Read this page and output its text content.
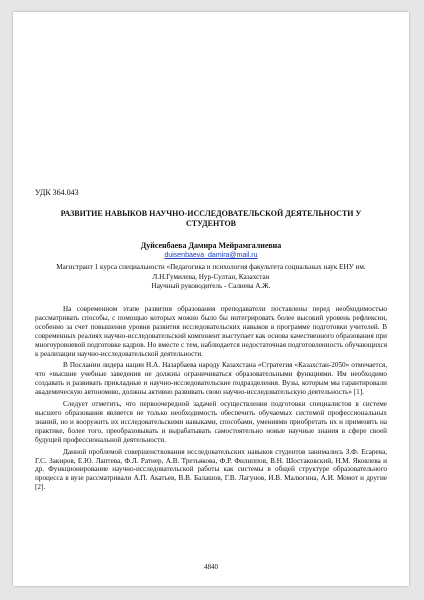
УДК 364.043
РАЗВИТИЕ НАВЫКОВ НАУЧНО-ИССЛЕДОВАТЕЛЬСКОЙ ДЕЯТЕЛЬНОСТИ У СТУДЕНТОВ
Дуйсенбаева Дамира Мейрамгалиевна
duisenbaeva_damira@mail.ru
Магистрант 1 курса специальности «Педагогика и психология факультета социальных наук ЕНУ им. Л.Н.Гумилева, Нур-Султан, Казахстан
Научный руководитель - Салиева А.Ж.

На современном этапе развития образования преподаватели поставлены перед необходимостью рассматривать способы, с помощью которых можно было бы интегрировать более высокий уровень рефлексии, особенно за счет повышения уровня развития исследовательских навыков в программе подготовки учителей. В современных реалиях научно-исследовательский компонент выступает как основа качественного образования при многоуровневой подготовке кадров. Но вместе с тем, наблюдается недостаточная подготовленность обучающихся к реализации научно-исследовательской деятельности.

В Послании лидера нации Н.А. Назарбаева народу Казахстана «Стратегия «Казахстан-2050» отмечается, что «высшие учебные заведения не должны ограничиваться образовательными функциями. Им необходимо создавать и развивать прикладные и научно-исследовательские подразделения. Вузы, которым мы гарантировали академическую автономию, должны активно развивать свою научно-исследовательскую деятельность» [1].

Следует отметить, что первоочередной задачей осуществления подготовки специалистов в системе высшего образования является не только необходимость обеспечить обучаемых системой профессиональных знаний, но и вооружить их исследовательскими навыками, способами, умениями приобретать их и применять на практике, более того, преобразовывать и вырабатывать самостоятельно новые научные знания в сфере своей будущей профессиональной деятельности.

Данной проблемой совершенствования исследовательских навыков студентов занимались З.Ф. Есарева, Г.С. Закиров, Е.Ю. Лаптева, Ф.Л. Ратнер, А.В. Третьякова, Ф.Р. Филиппов, В.Н. Шостаковский, Н.М. Яковлева и др. Функционирование научно-исследовательской работы как системы в общей структуре образовательного процесса в вузе рассматривали А.П. Акатьев, В.В. Балашов, Г.В. Лагунов, И.В. Малюгина, А.И. Момот и другие [2].

4840
